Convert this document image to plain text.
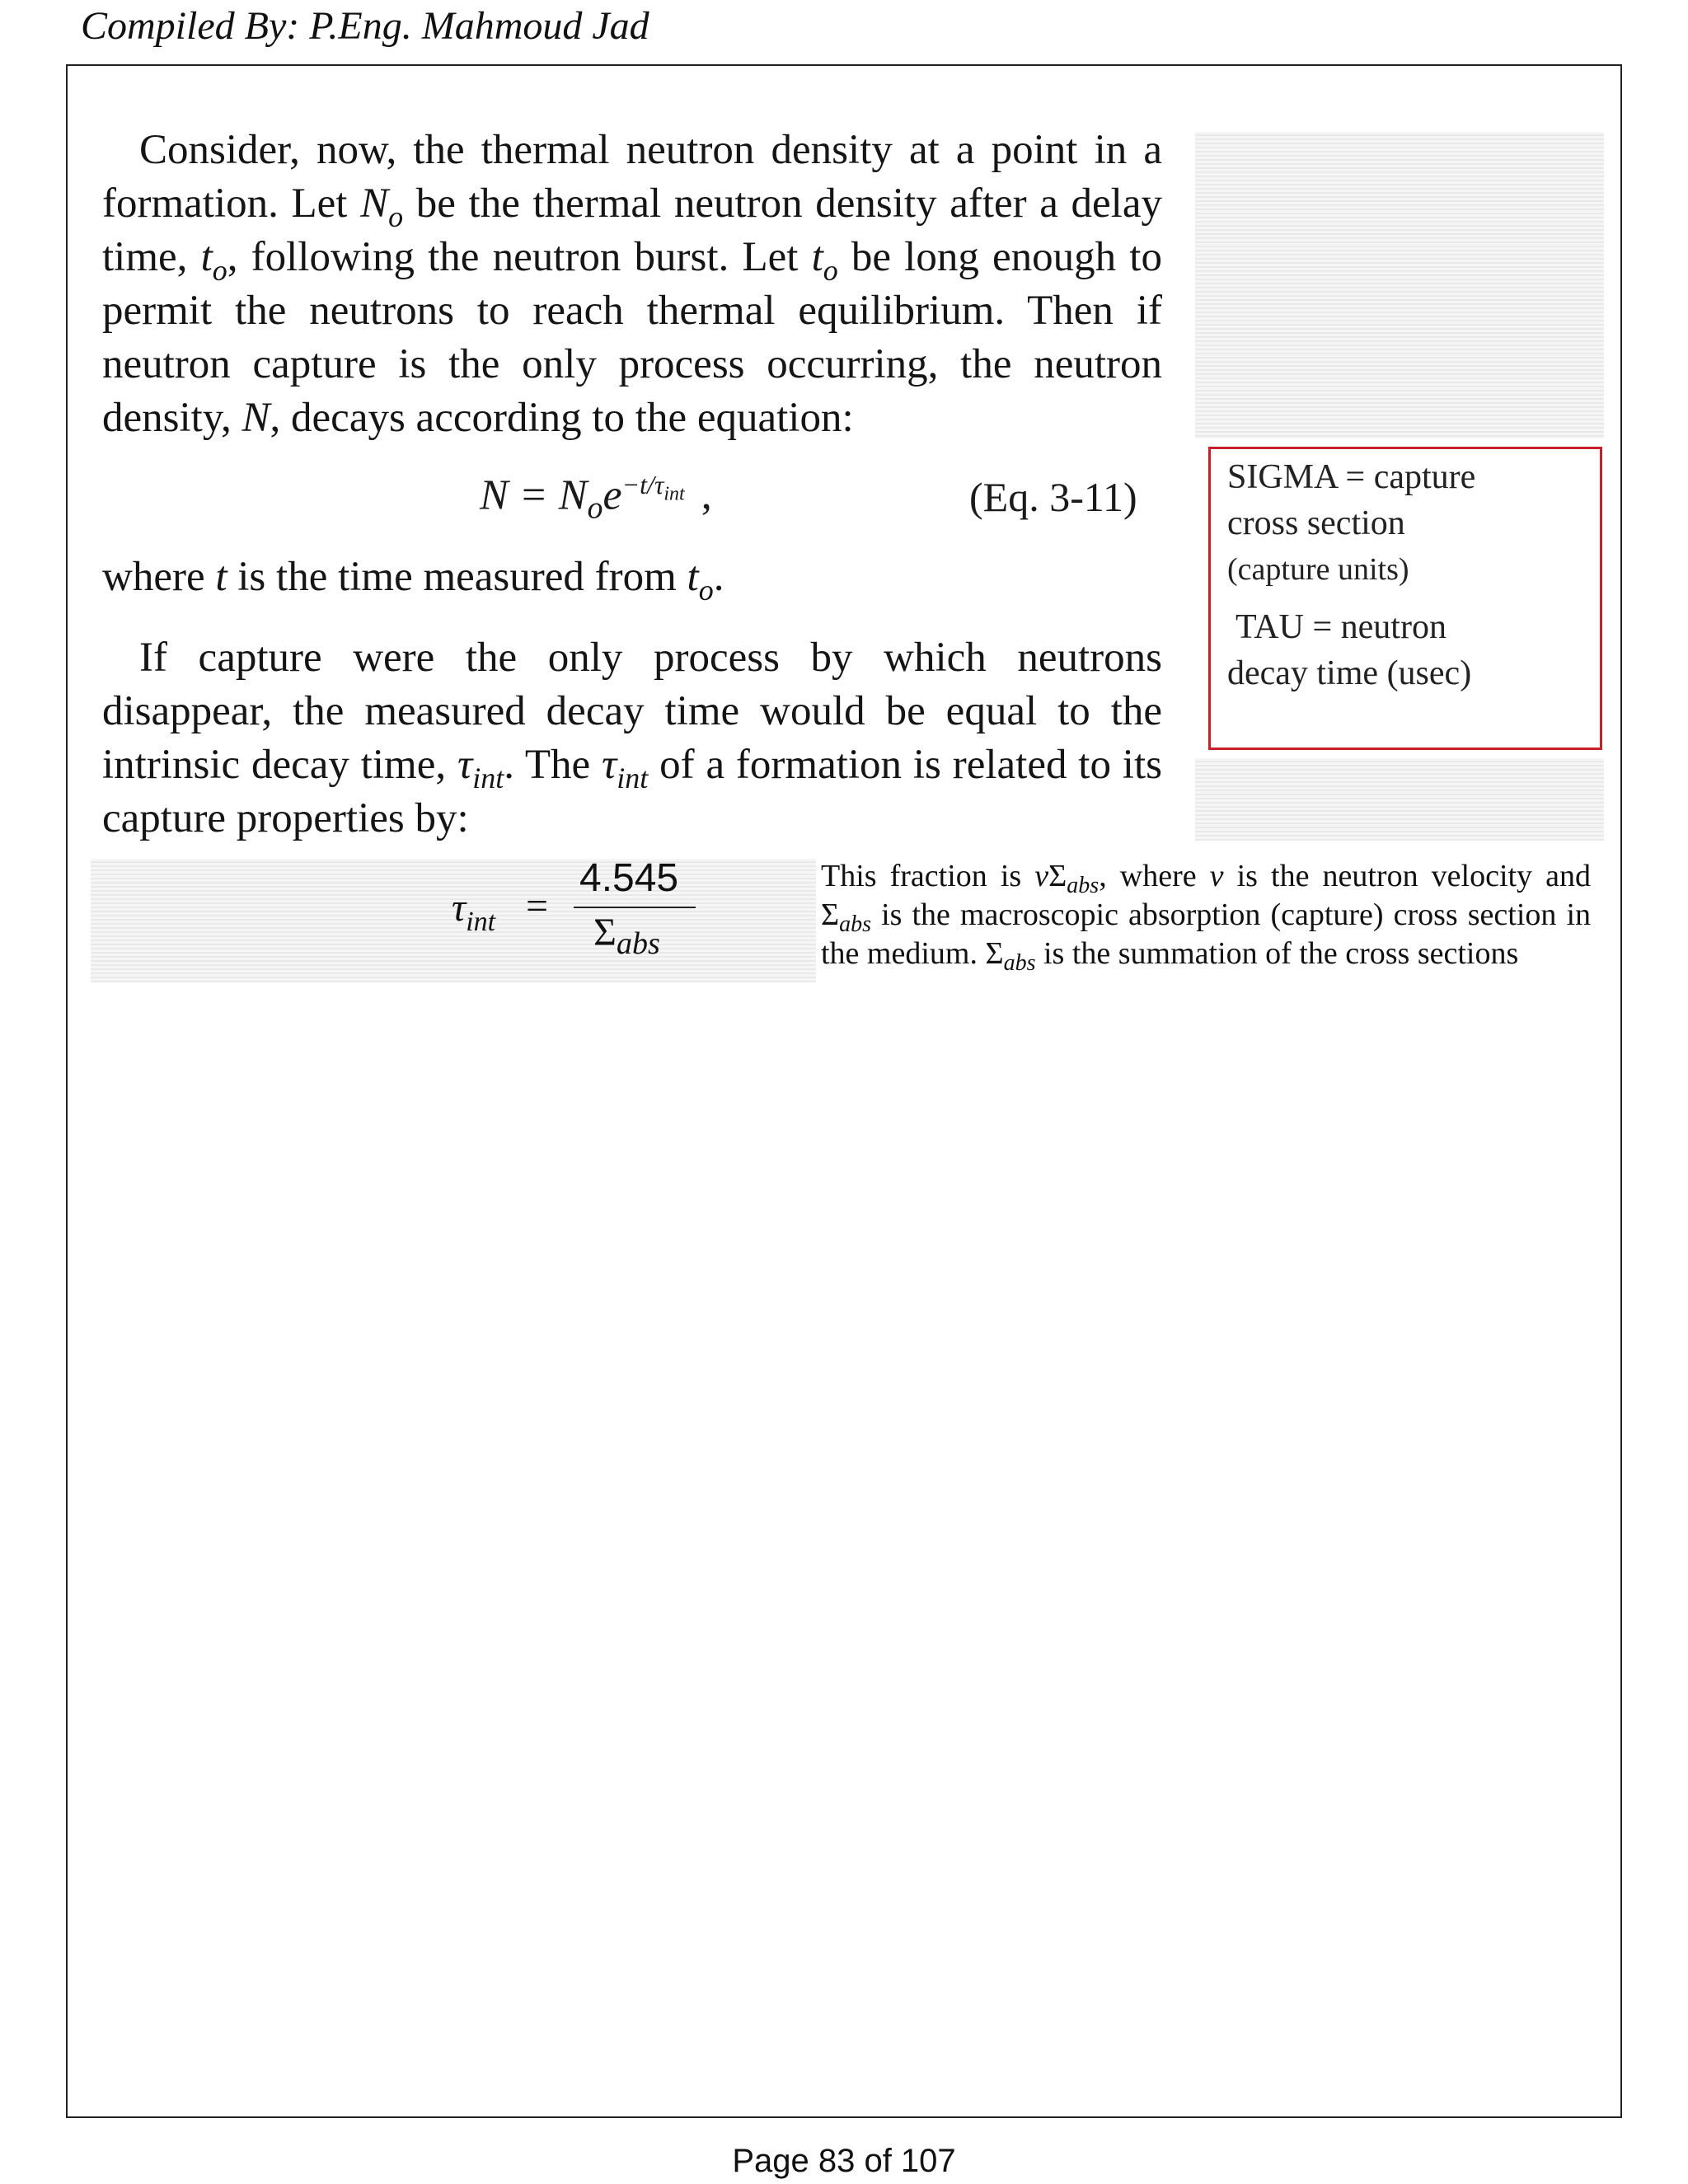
Compiled By: P.Eng. Mahmoud Jad
Consider, now, the thermal neutron density at a point in a formation. Let $N_o$ be the thermal neutron density after a delay time, $t_o$, following the neutron burst. Let $t_o$ be long enough to permit the neutrons to reach thermal equilibrium. Then if neutron capture is the only process occurring, the neutron density, N, decays according to the equation:
$N = N_oe^{-t/\tau_{int}}$ ,	(Eq. 3-11)
where t is the time measured from $t_o$.
If capture were the only process by which neutrons disappear, the measured decay time would be equal to the intrinsic decay time, $\tau_{int}$. The $\tau_{int}$ of a formation is related to its capture properties by:
SIGMA = capture
cross section
(capture units)
TAU = neutron
decay time (usec)
$\tau_{int}$ =
4.545
$\Sigma_{abs}$
This fraction is $v\Sigma_{abs}$, where v is the neutron velocity and $\Sigma_{abs}$ is the macroscopic absorption (capture) cross section in the medium. $\Sigma_{abs}$ is the summation of the cross sections
Page 83 of 107
